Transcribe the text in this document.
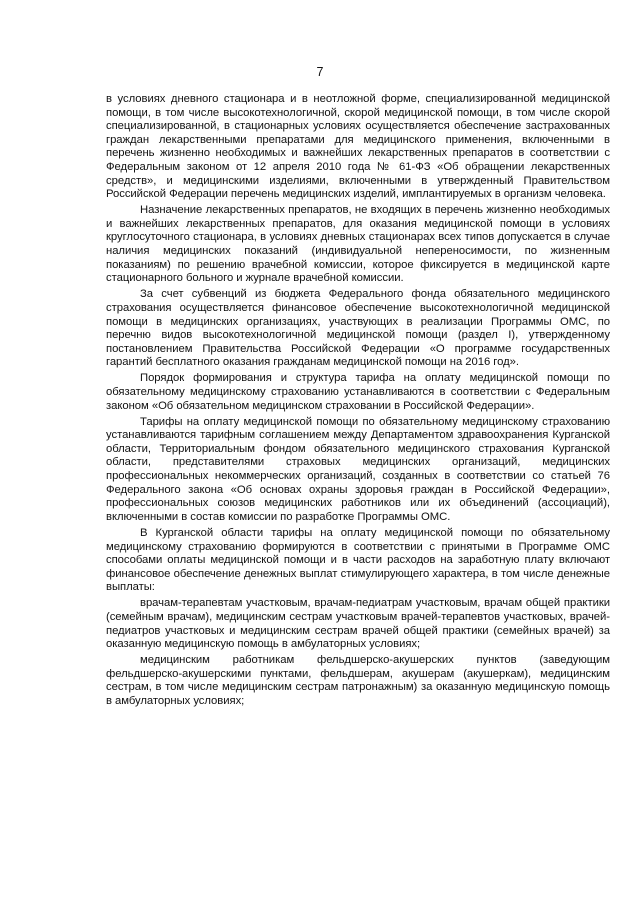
7

в условиях дневного стационара и в неотложной форме, специализированной медицинской помощи, в том числе высокотехнологичной, скорой медицинской помощи, в том числе скорой специализированной, в стационарных условиях осуществляется обеспечение застрахованных граждан лекарственными препаратами для медицинского применения, включенными в перечень жизненно необходимых и важнейших лекарственных препаратов в соответствии с Федеральным законом от 12 апреля 2010 года № 61-ФЗ «Об обращении лекарственных средств», и медицинскими изделиями, включенными в утвержденный Правительством Российской Федерации перечень медицинских изделий, имплантируемых в организм человека.

Назначение лекарственных препаратов, не входящих в перечень жизненно необходимых и важнейших лекарственных препаратов, для оказания медицинской помощи в условиях круглосуточного стационара, в условиях дневных стационарах всех типов допускается в случае наличия медицинских показаний (индивидуальной непереносимости, по жизненным показаниям) по решению врачебной комиссии, которое фиксируется в медицинской карте стационарного больного и журнале врачебной комиссии.

За счет субвенций из бюджета Федерального фонда обязательного медицинского страхования осуществляется финансовое обеспечение высокотехнологичной медицинской помощи в медицинских организациях, участвующих в реализации Программы ОМС, по перечню видов высокотехнологичной медицинской помощи (раздел I), утвержденному постановлением Правительства Российской Федерации «О программе государственных гарантий бесплатного оказания гражданам медицинской помощи на 2016 год».

Порядок формирования и структура тарифа на оплату медицинской помощи по обязательному медицинскому страхованию устанавливаются в соответствии с Федеральным законом «Об обязательном медицинском страховании в Российской Федерации».

Тарифы на оплату медицинской помощи по обязательному медицинскому страхованию устанавливаются тарифным соглашением между Департаментом здравоохранения Курганской области, Территориальным фондом обязательного медицинского страхования Курганской области, представителями страховых медицинских организаций, медицинских профессиональных некоммерческих организаций, созданных в соответствии со статьей 76 Федерального закона «Об основах охраны здоровья граждан в Российской Федерации», профессиональных союзов медицинских работников или их объединений (ассоциаций), включенными в состав комиссии по разработке Программы ОМС.

В Курганской области тарифы на оплату медицинской помощи по обязательному медицинскому страхованию формируются в соответствии с принятыми в Программе ОМС способами оплаты медицинской помощи и в части расходов на заработную плату включают финансовое обеспечение денежных выплат стимулирующего характера, в том числе денежные выплаты:

врачам-терапевтам участковым, врачам-педиатрам участковым, врачам общей практики (семейным врачам), медицинским сестрам участковым врачей-терапевтов участковых, врачей-педиатров участковых и медицинским сестрам врачей общей практики (семейных врачей) за оказанную медицинскую помощь в амбулаторных условиях;

медицинским работникам фельдшерско-акушерских пунктов (заведующим фельдшерско-акушерскими пунктами, фельдшерам, акушерам (акушеркам), медицинским сестрам, в том числе медицинским сестрам патронажным) за оказанную медицинскую помощь в амбулаторных условиях;
